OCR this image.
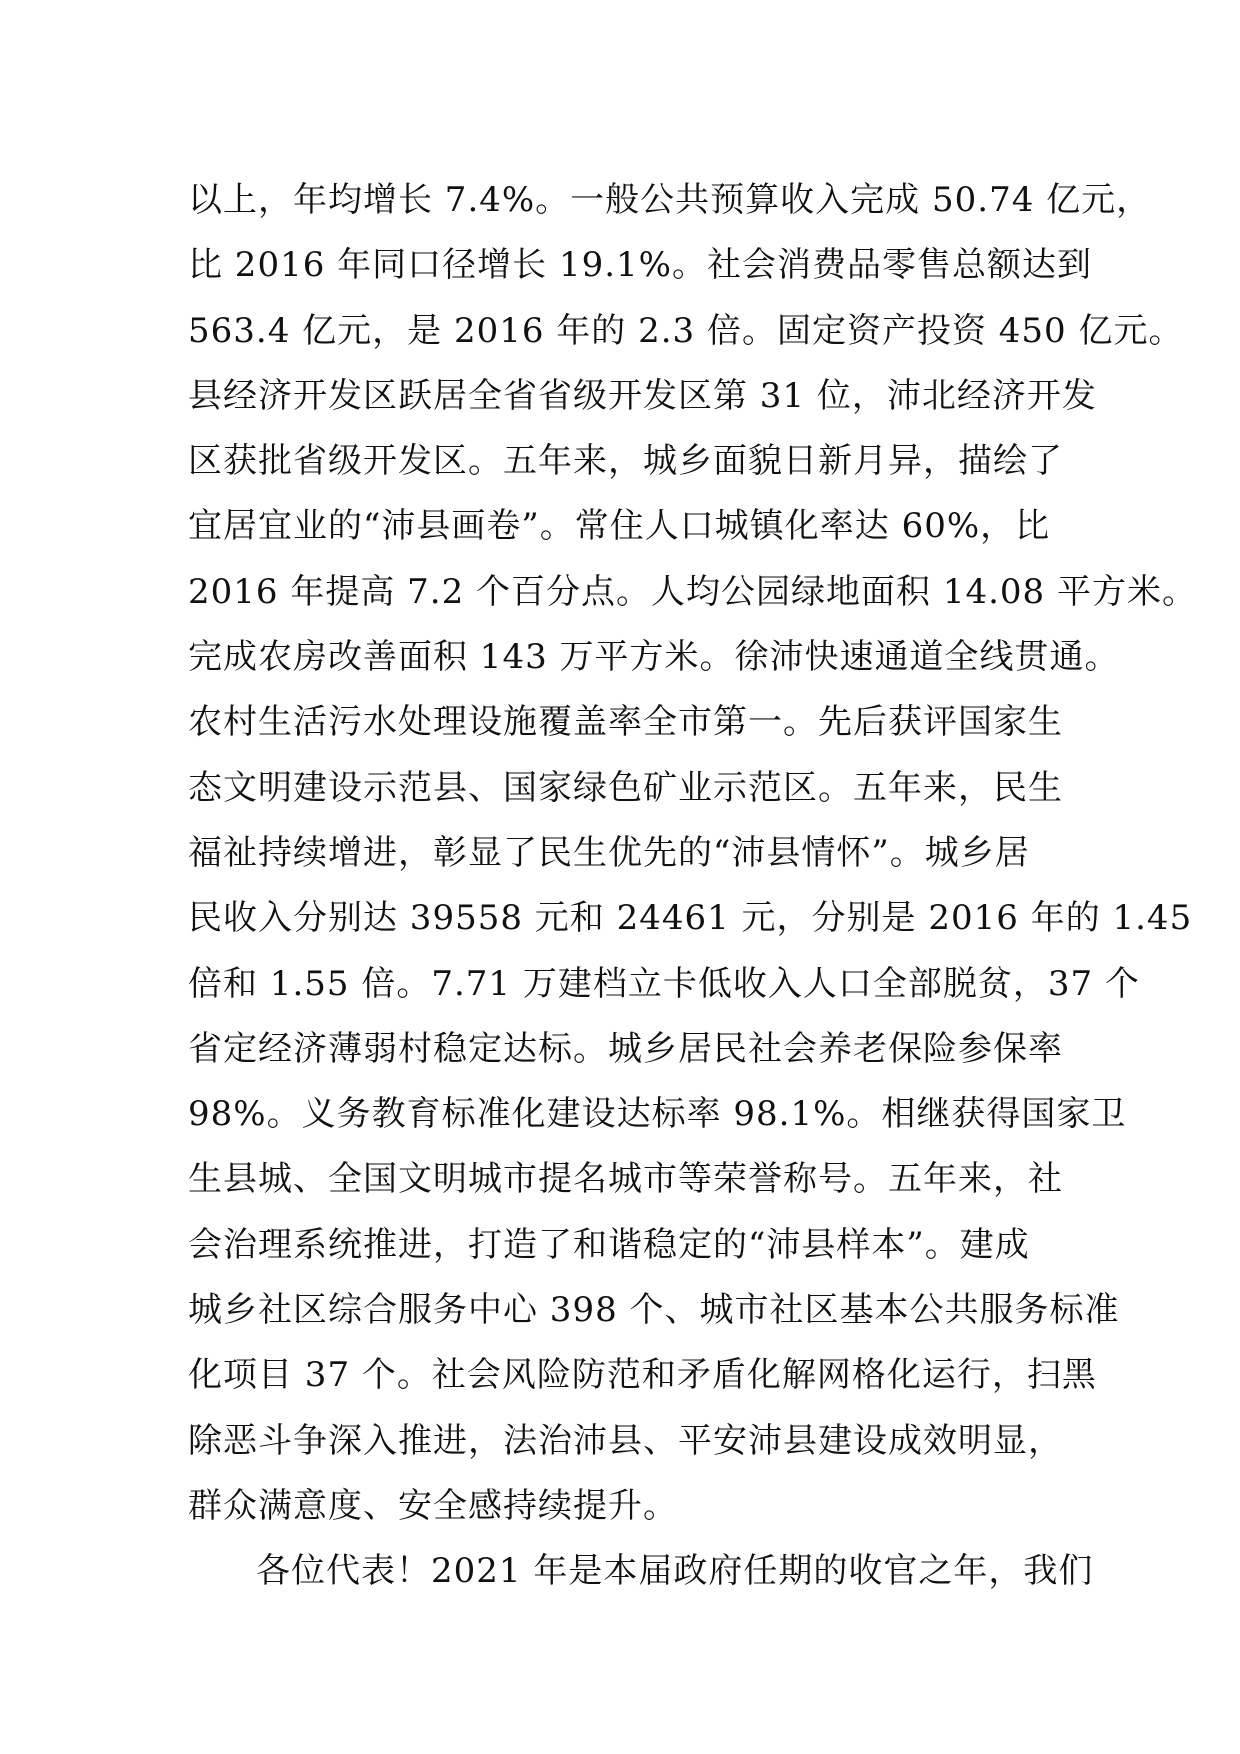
以上，年均增长 7.4%。一般公共预算收入完成 50.74 亿元，
比 2016 年同口径增长 19.1%。社会消费品零售总额达到
563.4 亿元，是 2016 年的 2.3 倍。固定资产投资 450 亿元。
县经济开发区跃居全省省级开发区第 31 位，沛北经济开发
区获批省级开发区。五年来，城乡面貌日新月异，描绘了
宜居宜业的“沛县画卷”。常住人口城镇化率达 60%，比
2016 年提高 7.2 个百分点。人均公园绿地面积 14.08 平方米。
完成农房改善面积 143 万平方米。徐沛快速通道全线贯通。
农村生活污水处理设施覆盖率全市第一。先后获评国家生
态文明建设示范县、国家绿色矿业示范区。五年来，民生
福祉持续增进，彰显了民生优先的“沛县情怀”。城乡居
民收入分别达 39558 元和 24461 元，分别是 2016 年的 1.45
倍和 1.55 倍。7.71 万建档立卡低收入人口全部脱贫，37 个
省定经济薄弱村稳定达标。城乡居民社会养老保险参保率
98%。义务教育标准化建设达标率 98.1%。相继获得国家卫
生县城、全国文明城市提名城市等荣誉称号。五年来，社
会治理系统推进，打造了和谐稳定的“沛县样本”。建成
城乡社区综合服务中心 398 个、城市社区基本公共服务标准
化项目 37 个。社会风险防范和矛盾化解网格化运行，扫黑
除恶斗争深入推进，法治沛县、平安沛县建设成效明显，
群众满意度、安全感持续提升。
各位代表！2021 年是本届政府任期的收官之年，我们
